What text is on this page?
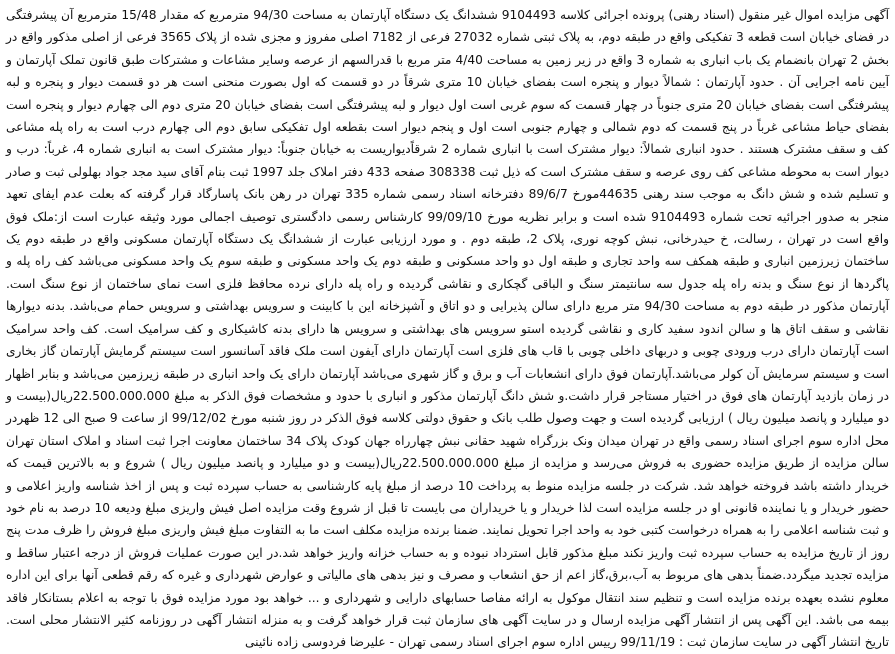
آگهی مزایده اموال غیر منقول (اسناد رهنی) پرونده اجرائی کلاسه 9104493 ششدانگ یک دستگاه آپارتمان به مساحت 94/30 مترمربع که مقدار 15/48 مترمربع آن پیشرفتگی در فضای خیابان است قطعه 3 تفکیکی واقع در طبقه دوم، به پلاک ثبتی شماره 27032 فرعی از 7182 اصلی مفروز و مجزی شده از پلاک 3565 فرعی از اصلی مذکور واقع در بخش 2 تهران بانضمام یک باب انباری به شماره 3 واقع در زیر زمین به مساحت 4/40 متر مربع با قدرالسهم از عرصه وسایر مشاعات و مشترکات طبق قانون تملک آپارتمان و آیین نامه اجرایی آن . حدود آپارتمان : شمالاً دیوار و پنجره است بفضای خیابان 10 متری شرقاً در دو قسمت که اول بصورت منحنی است هر دو قسمت دیوار و پنجره و لبه پیشرفتگی است بفضای خیابان 20 متری جنوباً در چهار قسمت که سوم غربی است اول دیوار و لبه پیشرفتگی است بفضای خیابان 20 متری دوم الی چهارم دیوار و پنجره است بفضای حیاط مشاعی غرباً در پنج قسمت که دوم شمالی و چهارم جنوبی است اول و پنجم دیوار است بقطعه اول تفکیکی سابق دوم الی چهارم درب است به راه پله مشاعی کف و سقف مشترک هستند . حدود انباری شمالاً: دیوار مشترک است با انباری شماره 2 شرقاًدیواریست به خیابان جنوباً: دیوار مشترک است به انباری شماره 4، غرباً: درب و دیوار است به محوطه مشاعی کف روی عرصه و سقف مشترک است که ذیل ثبت 308338 صفحه 433 دفتر املاک جلد 1997 ثبت بنام آقای سید مجد جواد بهلولی ثبت و صادر و تسلیم شده و شش دانگ به موجب سند رهنی 44635مورخ 89/6/7 دفترخانه اسناد رسمی شماره 335 تهران در رهن بانک پاسارگاد قرار گرفته که بعلت عدم ایفای تعهد منجر به صدور اجرائیه تحت شماره 9104493 شده است و برابر نظریه مورخ 99/09/10 کارشناس رسمی دادگستری توصیف اجمالی مورد وثیقه عبارت است از:ملک فوق واقع است در تهران ، رسالت، خ حیدرخانی، نبش کوچه نوری، پلاک 2، طبقه دوم . و مورد ارزیابی عبارت از ششدانگ یک دستگاه آپارتمان مسکونی واقع در طبقه دوم یک ساختمان زیرزمین انباری و طبقه همکف سه واحد تجاری و طبقه اول دو واحد مسکونی و طبقه دوم یک واحد مسکونی و طبقه سوم یک واحد مسکونی می‌باشد کف راه پله و پاگردها از نوع سنگ و بدنه راه پله جدول سه سانتیمتر سنگ و الباقی گچکاری و نقاشی گردیده و راه پله دارای نرده محافظ فلزی است نمای ساختمان از نوع سنگ است. آپارتمان مذکور در طبقه دوم به مساحت 94/30 متر مربع دارای سالن پذیرایی و دو اتاق و آشپزخانه این با کابینت و سرویس بهداشتی و سرویس حمام می‌باشد. بدنه دیوارها نقاشی و سقف اتاق ها و سالن اندود سفید کاری و نقاشی گردیده استو سرویس های بهداشتی و سرویس ها دارای بدنه کاشیکاری و کف سرامیک است. کف واحد سرامیک است آپارتمان دارای درب ورودی چوبی و دربهای داخلی چوبی با قاب های فلزی است آپارتمان دارای آیفون است ملک فاقد آسانسور است سیستم گرمایش آپارتمان گاز بخاری است و سیستم سرمایش آن کولر می‌باشد.آپارتمان فوق دارای انشعابات آب و برق و گاز شهری می‌باشد آپارتمان دارای یک واحد انباری در طبقه زیرزمین می‌باشد و بنابر اظهار در زمان بازدید آپارتمان های فوق در اختیار مستاجر قرار داشت.و شش دانگ آپارتمان مذکور و انباری با حدود و مشخصات فوق الذکر به مبلغ 22.500.000.000ریال(بیست و دو میلیارد و پانصد میلیون ریال ) ارزیابی گردیده است و جهت وصول طلب بانک و حقوق دولتی کلاسه فوق الذکر در روز شنبه مورخ 99/12/02 از ساعت 9 صبح الی 12 ظهردر محل اداره سوم اجرای اسناد رسمی واقع در تهران میدان ونک بزرگراه شهید حقانی نبش چهارراه جهان کودک پلاک 34 ساختمان معاونت اجرا ثبت اسناد و املاک استان تهران سالن مزایده از طریق مزایده حضوری به فروش می‌رسد و مزایده از مبلغ 22.500.000.000ریال(بیست و دو میلیارد و پانصد میلیون ریال ) شروع و به بالاترین قیمت که خریدار داشته باشد فروخته خواهد شد. شرکت در جلسه مزایده منوط به پرداخت 10 درصد از مبلغ پایه کارشناسی به حساب سپرده ثبت و پس از اخذ شناسه واریز اعلامی و حضور خریدار و یا نماینده قانونی او در جلسه مزایده است لذا خریدار و یا خریداران می بایست تا قبل از شروع وقت مزایده اصل فیش واریزی مبلغ ودیعه 10 درصد به نام خود و ثبت شناسه اعلامی را به همراه درخواست کتبی خود به واحد اجرا تحویل نمایند. ضمنا برنده مزایده مکلف است ما به التفاوت مبلغ فیش واریزی مبلغ فروش را ظرف مدت پنج روز از تاریخ مزایده به حساب سپرده ثبت واریز نکند مبلغ مذکور قابل استرداد نبوده و به حساب خزانه واریز خواهد شد.در این صورت عملیات فروش از درجه اعتبار ساقط و مزایده تجدید میگردد.ضمناً بدهی های مربوط به آب،برق،گاز اعم از حق انشعاب و مصرف و نیز بدهی های مالیاتی و عوارض شهرداری و غیره که رقم قطعی آنها برای این اداره معلوم نشده بعهده برنده مزایده است و تنظیم سند انتقال موکول به ارائه مفاصا حسابهای دارایی و شهرداری و ... خواهد بود مورد مزایده فوق با توجه به اعلام بستانکار فاقد بیمه می باشد. این آگهی پس از انتشار آگهی مزایده ارسال و در سایت آگهی های سازمان ثبت قرار خواهد گرفت و به منزله انتشار آگهی در روزنامه کثیر الانتشار محلی است. تاریخ انتشار آگهی در سایت سازمان ثبت : 99/11/19 رییس اداره سوم اجرای اسناد رسمی تهران - علیرضا فردوسی زاده نائینی
